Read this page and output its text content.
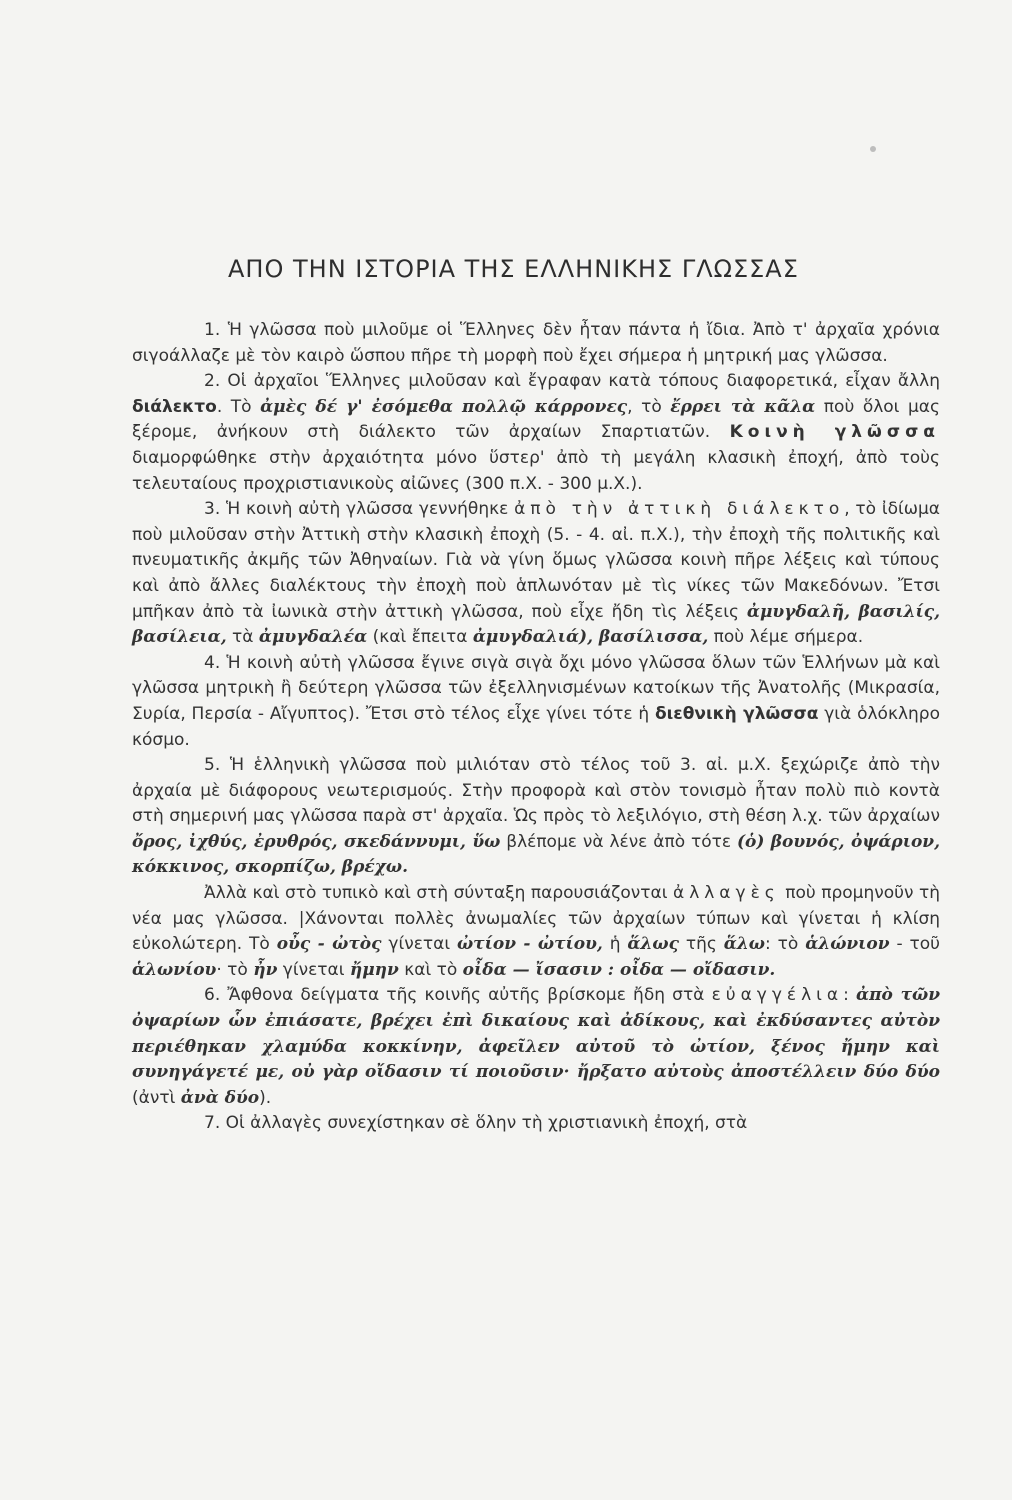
ΑΠΟ ΤΗΝ ΙΣΤΟΡΙΑ ΤΗΣ ΕΛΛΗΝΙΚΗΣ ΓΛΩΣΣΑΣ

1. Ἡ γλῶσσα ποὺ μιλοῦμε οἱ Ἕλληνες δὲν ἦταν πάντα ἡ ἴδια. Ἀπὸ τ' ἀρχαῖα χρόνια σιγοάλλαζε μὲ τὸν καιρὸ ὥσπου πῆρε τὴ μορφὴ ποὺ ἔχει σήμερα ἡ μητρική μας γλῶσσα.

2. Οἱ ἀρχαῖοι Ἕλληνες μιλοῦσαν καὶ ἔγραφαν κατὰ τόπους διαφορετικά, εἶχαν ἄλλη διάλεκτο. Τὸ ἀμὲς δέ γ' ἐσόμεθα πολλῷ κάρρονες, τὸ ἔρρει τὰ κᾶλα ποὺ ὅλοι μας ξέρομε, ἀνήκουν στὴ διάλεκτο τῶν ἀρχαίων Σπαρτιατῶν. Κοινὴ γλῶσσα διαμορφώθηκε στὴν ἀρχαιότητα μόνο ὕστερ' ἀπὸ τὴ μεγάλη κλασικὴ ἐποχή, ἀπὸ τοὺς τελευταίους προχριστιανικοὺς αἰῶνες (300 π.Χ. - 300 μ.Χ.).

3. Ἡ κοινὴ αὐτὴ γλῶσσα γεννήθηκε ἀπὸ τὴν ἀττικὴ διάλεκτο, τὸ ἰδίωμα ποὺ μιλοῦσαν στὴν Ἀττικὴ στὴν κλασικὴ ἐποχὴ (5. - 4. αἰ. π.Χ.), τὴν ἐποχὴ τῆς πολιτικῆς καὶ πνευματικῆς ἀκμῆς τῶν Ἀθηναίων. Γιὰ νὰ γίνη ὅμως γλῶσσα κοινὴ πῆρε λέξεις καὶ τύπους καὶ ἀπὸ ἄλλες διαλέκτους τὴν ἐποχὴ ποὺ ἁπλωνόταν μὲ τὶς νίκες τῶν Μακεδόνων. Ἔτσι μπῆκαν ἀπὸ τὰ ἰωνικὰ στὴν ἀττικὴ γλῶσσα, ποὺ εἶχε ἤδη τὶς λέξεις ἀμυγδαλῆ, βασιλίς, βασίλεια, τὰ ἀμυγδαλέα (καὶ ἔπειτα ἀμυγδαλιά), βασίλισσα, ποὺ λέμε σήμερα.

4. Ἡ κοινὴ αὐτὴ γλῶσσα ἔγινε σιγὰ σιγὰ ὄχι μόνο γλῶσσα ὅλων τῶν Ἑλλήνων μὰ καὶ γλῶσσα μητρικὴ ἢ δεύτερη γλῶσσα τῶν ἐξελληνισμένων κατοίκων τῆς Ἀνατολῆς (Μικρασία, Συρία, Περσία - Αἴγυπτος). Ἔτσι στὸ τέλος εἶχε γίνει τότε ἡ διεθνικὴ γλῶσσα γιὰ ὁλόκληρο κόσμο.

5. Ἡ ἑλληνικὴ γλῶσσα ποὺ μιλιόταν στὸ τέλος τοῦ 3. αἰ. μ.Χ. ξεχώριζε ἀπὸ τὴν ἀρχαία μὲ διάφορους νεωτερισμούς. Στὴν προφορὰ καὶ στὸν τονισμὸ ἦταν πολὺ πιὸ κοντὰ στὴ σημερινή μας γλῶσσα παρὰ στ' ἀρχαῖα. Ὡς πρὸς τὸ λεξιλόγιο, στὴ θέση λ.χ. τῶν ἀρχαίων ὄρος, ἰχθύς, ἐρυθρός, σκεδάννυμι, ὕω βλέπομε νὰ λένε ἀπὸ τότε (ὁ) βουνός, ὀψάριον, κόκκινος, σκορπίζω, βρέχω.

Ἀλλὰ καὶ στὸ τυπικὸ καὶ στὴ σύνταξη παρουσιάζονται ἀλλαγὲς ποὺ προμηνοῦν τὴ νέα μας γλῶσσα. |Χάνονται πολλὲς ἀνωμαλίες τῶν ἀρχαίων τύπων καὶ γίνεται ἡ κλίση εὐκολώτερη. Τὸ οὖς - ὠτὸς γίνεται ὠτίον - ὠτίου, ἡ ἅλως τῆς ἅλω: τὸ ἁλώνιον - τοῦ ἁλωνίου· τὸ ἦν γίνεται ἤμην καὶ τὸ οἶδα — ἴσασιν : οἶδα — οἴδασιν.

6. Ἄφθονα δείγματα τῆς κοινῆς αὐτῆς βρίσκομε ἤδη στὰ εὐαγγέλια: ἀπὸ τῶν ὀψαρίων ὧν ἐπιάσατε, βρέχει ἐπὶ δικαίους καὶ ἀδίκους, καὶ ἐκδύσαντες αὐτὸν περιέθηκαν χλαμύδα κοκκίνην, ἀφεῖλεν αὐτοῦ τὸ ὠτίον, ξένος ἤμην καὶ συνηγάγετέ με, οὐ γὰρ οἴδασιν τί ποιοῦσιν· ἤρξατο αὐτοὺς ἀποστέλλειν δύο δύο (ἀντὶ ἀνὰ δύο).

7. Οἱ ἀλλαγὲς συνεχίστηκαν σὲ ὅλην τὴ χριστιανικὴ ἐποχή, στὰ
